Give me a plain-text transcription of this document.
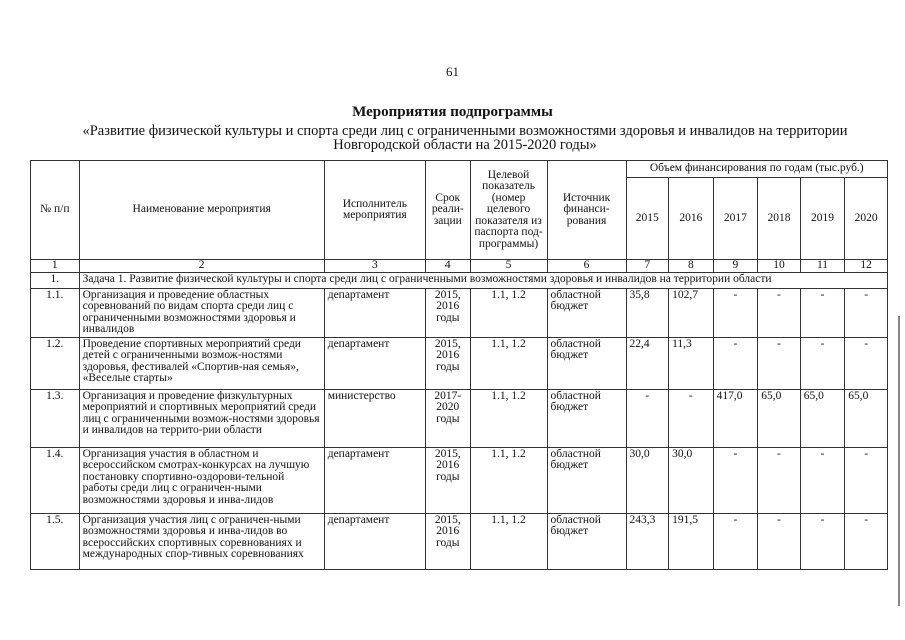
61
Мероприятия подпрограммы
«Развитие физической культуры и спорта среди лиц с ограниченными возможностями здоровья и инвалидов на территории Новгородской области на 2015-2020 годы»
№ п/п	Наименование мероприятия	Исполнитель мероприятия	Срок реали-зации	Целевой показатель (номер целевого показателя из паспорта под-программы)	Источник финанси-рования	Объем финансирования по годам (тыс.руб.)					
						2015	2016	2017	2018	2019	2020
1	2	3	4	5	6	7	8	9	10	11	12
1.	Задача 1. Развитие физической культуры и спорта среди лиц с ограниченными возможностями здоровья и инвалидов на территории области										
1.1.	Организация и проведение областных соревнований по видам спорта среди лиц с ограниченными возможностями здоровья и инвалидов	департамент	2015, 2016 годы	1.1, 1.2	областной бюджет	35,8	102,7	-	-	-	-
1.2.	Проведение спортивных мероприятий среди детей с ограниченными возмож-ностями здоровья, фестивалей «Спортив-ная семья», «Веселые старты»	департамент	2015, 2016 годы	1.1, 1.2	областной бюджет	22,4	11,3	-	-	-	-
1.3.	Организация и проведение физкультурных мероприятий и спортивных мероприятий среди лиц с ограниченными возмож-ностями здоровья и инвалидов на террито-рии области	министерство	2017-2020 годы	1.1, 1.2	областной бюджет	-	-	417,0	65,0	65,0	65,0
1.4.	Организация участия в областном и всероссийском смотрах-конкурсах на лучшую постановку спортивно-оздорови-тельной работы среди лиц с ограничен-ными возможностями здоровья и инва-лидов	департамент	2015, 2016 годы	1.1, 1.2	областной бюджет	30,0	30,0	-	-	-	-
1.5.	Организация участия лиц с ограничен-ными возможностями здоровья и инва-лидов во всероссийских спортивных соревнованиях и международных спор-тивных соревнованиях	департамент	2015, 2016 годы	1.1, 1.2	областной бюджет	243,3	191,5	-	-	-	-
